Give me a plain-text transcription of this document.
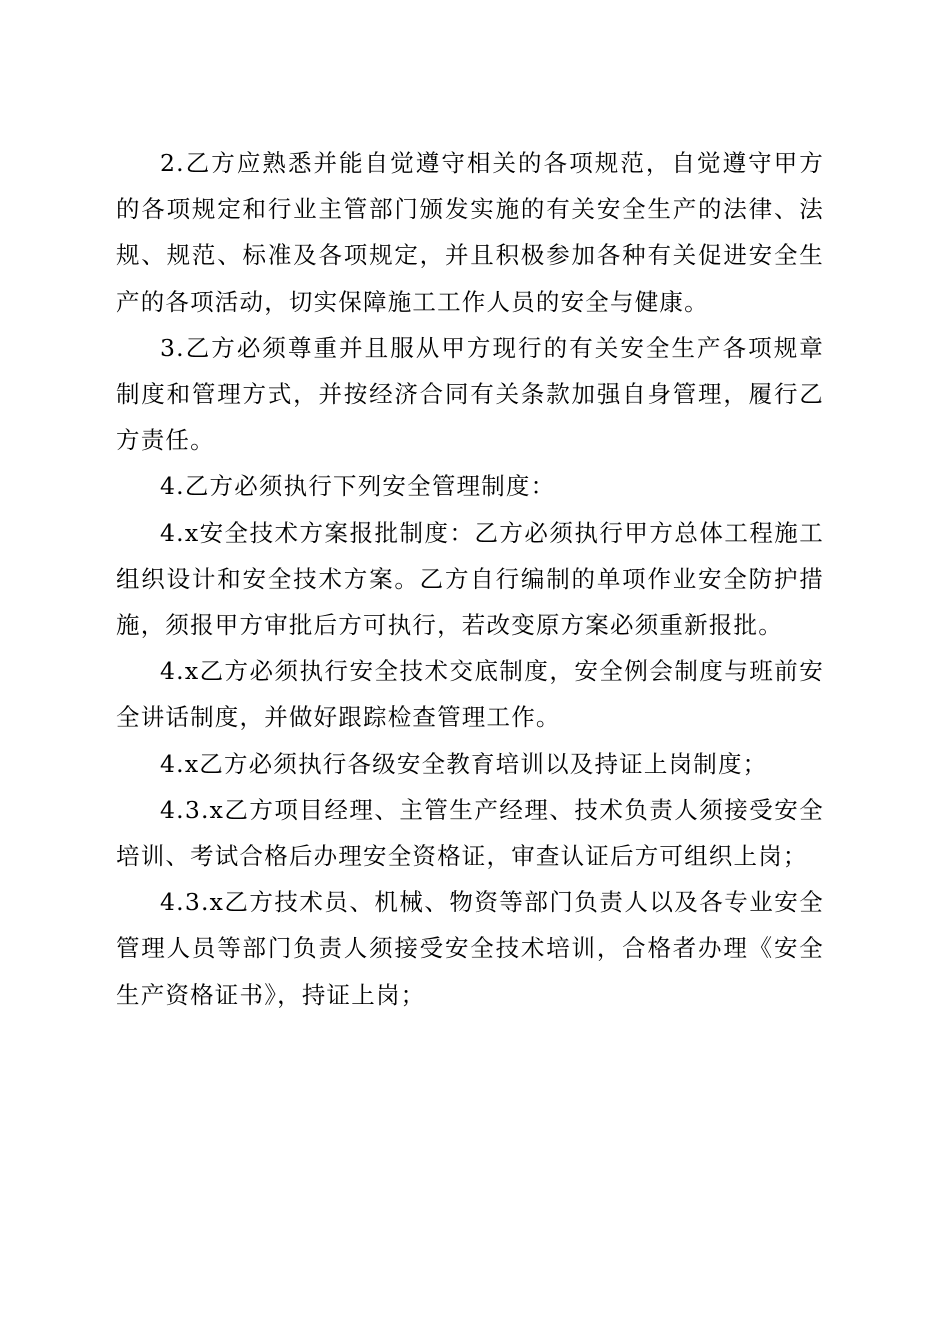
2.乙方应熟悉并能自觉遵守相关的各项规范，自觉遵守甲方的各项规定和行业主管部门颁发实施的有关安全生产的法律、法规、规范、标准及各项规定，并且积极参加各种有关促进安全生产的各项活动，切实保障施工工作人员的安全与健康。

3.乙方必须尊重并且服从甲方现行的有关安全生产各项规章制度和管理方式，并按经济合同有关条款加强自身管理，履行乙方责任。

4.乙方必须执行下列安全管理制度：

4.x安全技术方案报批制度：乙方必须执行甲方总体工程施工组织设计和安全技术方案。乙方自行编制的单项作业安全防护措施，须报甲方审批后方可执行，若改变原方案必须重新报批。

4.x乙方必须执行安全技术交底制度，安全例会制度与班前安全讲话制度，并做好跟踪检查管理工作。

4.x乙方必须执行各级安全教育培训以及持证上岗制度；

4.3.x乙方项目经理、主管生产经理、技术负责人须接受安全培训、考试合格后办理安全资格证，审查认证后方可组织上岗；

4.3.x乙方技术员、机械、物资等部门负责人以及各专业安全管理人员等部门负责人须接受安全技术培训，合格者办理《安全生产资格证书》，持证上岗；
